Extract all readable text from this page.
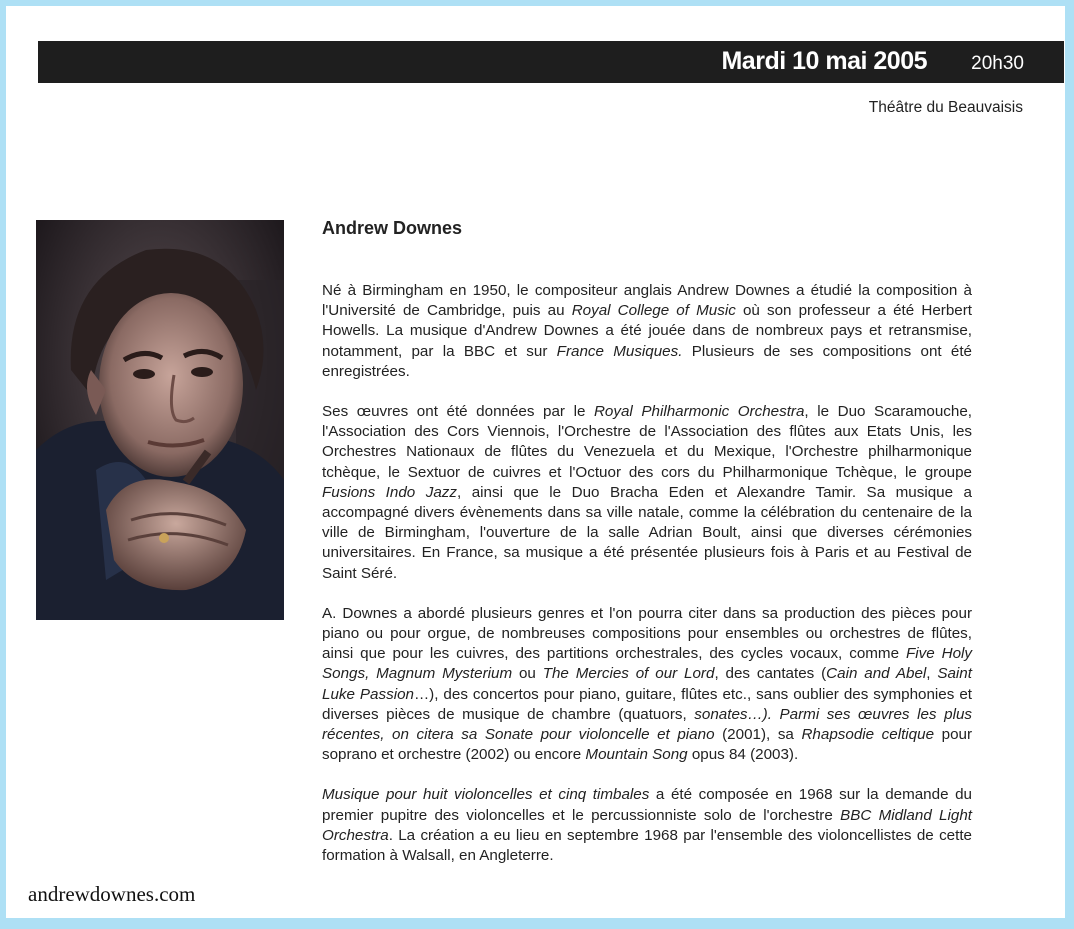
Mardi 10 mai 2005 20h30
Théâtre du Beauvaisis
Andrew Downes

Né à Birmingham en 1950, le compositeur anglais Andrew Downes a étudié la composition à l'Université de Cambridge, puis au Royal College of Music où son professeur a été Herbert Howells. La musique d'Andrew Downes a été jouée dans de nombreux pays et retransmise, notamment, par la BBC et sur France Musiques. Plusieurs de ses compositions ont été enregistrées.

Ses œuvres ont été données par le Royal Philharmonic Orchestra, le Duo Scaramouche, l'Association des Cors Viennois, l'Orchestre de l'Association des flûtes aux Etats Unis, les Orchestres Nationaux de flûtes du Venezuela et du Mexique, l'Orchestre philharmonique tchèque, le Sextuor de cuivres et l'Octuor des cors du Philharmonique Tchèque, le groupe Fusions Indo Jazz, ainsi que le Duo Bracha Eden et Alexandre Tamir. Sa musique a accompagné divers évènements dans sa ville natale, comme la célébration du centenaire de la ville de Birmingham, l'ouverture de la salle Adrian Boult, ainsi que diverses cérémonies universitaires. En France, sa musique a été présentée plusieurs fois à Paris et au Festival de Saint Séré.

A. Downes a abordé plusieurs genres et l'on pourra citer dans sa production des pièces pour piano ou pour orgue, de nombreuses compositions pour ensembles ou orchestres de flûtes, ainsi que pour les cuivres, des partitions orchestrales, des cycles vocaux, comme Five Holy Songs, Magnum Mysterium ou The Mercies of our Lord, des cantates (Cain and Abel, Saint Luke Passion…), des concertos pour piano, guitare, flûtes etc., sans oublier des symphonies et diverses pièces de musique de chambre (quatuors, sonates…). Parmi ses œuvres les plus récentes, on citera sa Sonate pour violoncelle et piano (2001), sa Rhapsodie celtique pour soprano et orchestre (2002) ou encore Mountain Song opus 84 (2003).

Musique pour huit violoncelles et cinq timbales a été composée en 1968 sur la demande du premier pupitre des violoncelles et le percussionniste solo de l'orchestre BBC Midland Light Orchestra. La création a eu lieu en septembre 1968 par l'ensemble des violoncellistes de cette formation à Walsall, en Angleterre.

andrewdownes.com
